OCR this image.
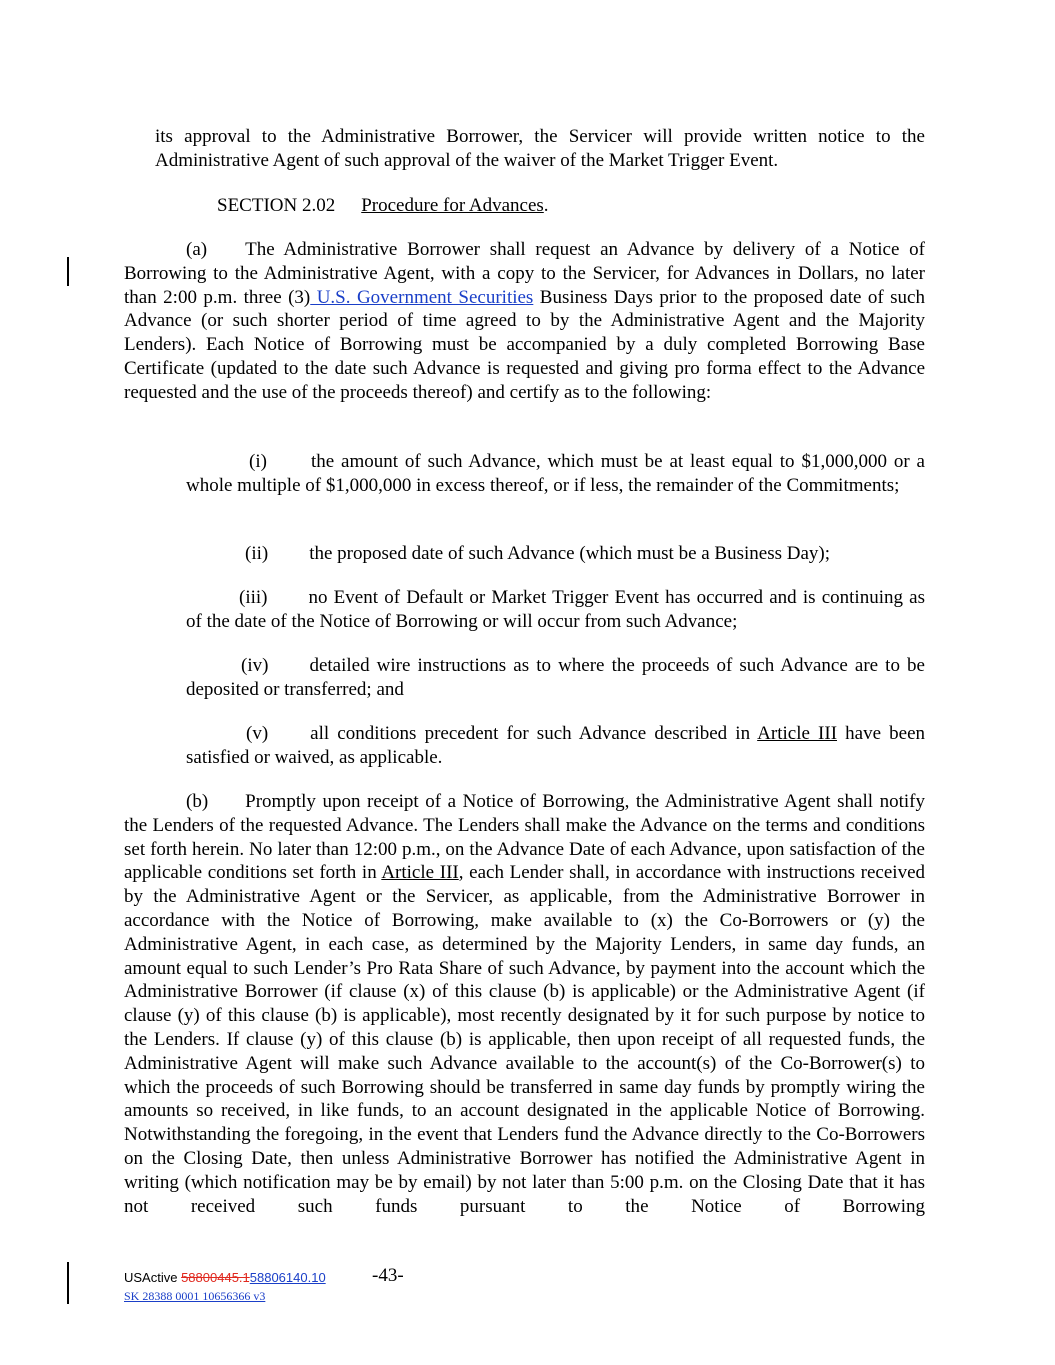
its approval to the Administrative Borrower, the Servicer will provide written notice to the Administrative Agent of such approval of the waiver of the Market Trigger Event.
SECTION 2.02 Procedure for Advances.
(a) The Administrative Borrower shall request an Advance by delivery of a Notice of Borrowing to the Administrative Agent, with a copy to the Servicer, for Advances in Dollars, no later than 2:00 p.m. three (3) U.S. Government Securities Business Days prior to the proposed date of such Advance (or such shorter period of time agreed to by the Administrative Agent and the Majority Lenders). Each Notice of Borrowing must be accompanied by a duly completed Borrowing Base Certificate (updated to the date such Advance is requested and giving pro forma effect to the Advance requested and the use of the proceeds thereof) and certify as to the following:
(i) the amount of such Advance, which must be at least equal to $1,000,000 or a whole multiple of $1,000,000 in excess thereof, or if less, the remainder of the Commitments;
(ii) the proposed date of such Advance (which must be a Business Day);
(iii) no Event of Default or Market Trigger Event has occurred and is continuing as of the date of the Notice of Borrowing or will occur from such Advance;
(iv) detailed wire instructions as to where the proceeds of such Advance are to be deposited or transferred; and
(v) all conditions precedent for such Advance described in Article III have been satisfied or waived, as applicable.
(b) Promptly upon receipt of a Notice of Borrowing, the Administrative Agent shall notify the Lenders of the requested Advance. The Lenders shall make the Advance on the terms and conditions set forth herein. No later than 12:00 p.m., on the Advance Date of each Advance, upon satisfaction of the applicable conditions set forth in Article III, each Lender shall, in accordance with instructions received by the Administrative Agent or the Servicer, as applicable, from the Administrative Borrower in accordance with the Notice of Borrowing, make available to (x) the Co-Borrowers or (y) the Administrative Agent, in each case, as determined by the Majority Lenders, in same day funds, an amount equal to such Lender’s Pro Rata Share of such Advance, by payment into the account which the Administrative Borrower (if clause (x) of this clause (b) is applicable) or the Administrative Agent (if clause (y) of this clause (b) is applicable), most recently designated by it for such purpose by notice to the Lenders. If clause (y) of this clause (b) is applicable, then upon receipt of all requested funds, the Administrative Agent will make such Advance available to the account(s) of the Co-Borrower(s) to which the proceeds of such Borrowing should be transferred in same day funds by promptly wiring the amounts so received, in like funds, to an account designated in the applicable Notice of Borrowing. Notwithstanding the foregoing, in the event that Lenders fund the Advance directly to the Co-Borrowers on the Closing Date, then unless Administrative Borrower has notified the Administrative Agent in writing (which notification may be by email) by not later than 5:00 p.m. on the Closing Date that it has not received such funds pursuant to the Notice of Borrowing
USActive 58800445.158806140.10 -43-
SK 28388 0001 10656366 v3
